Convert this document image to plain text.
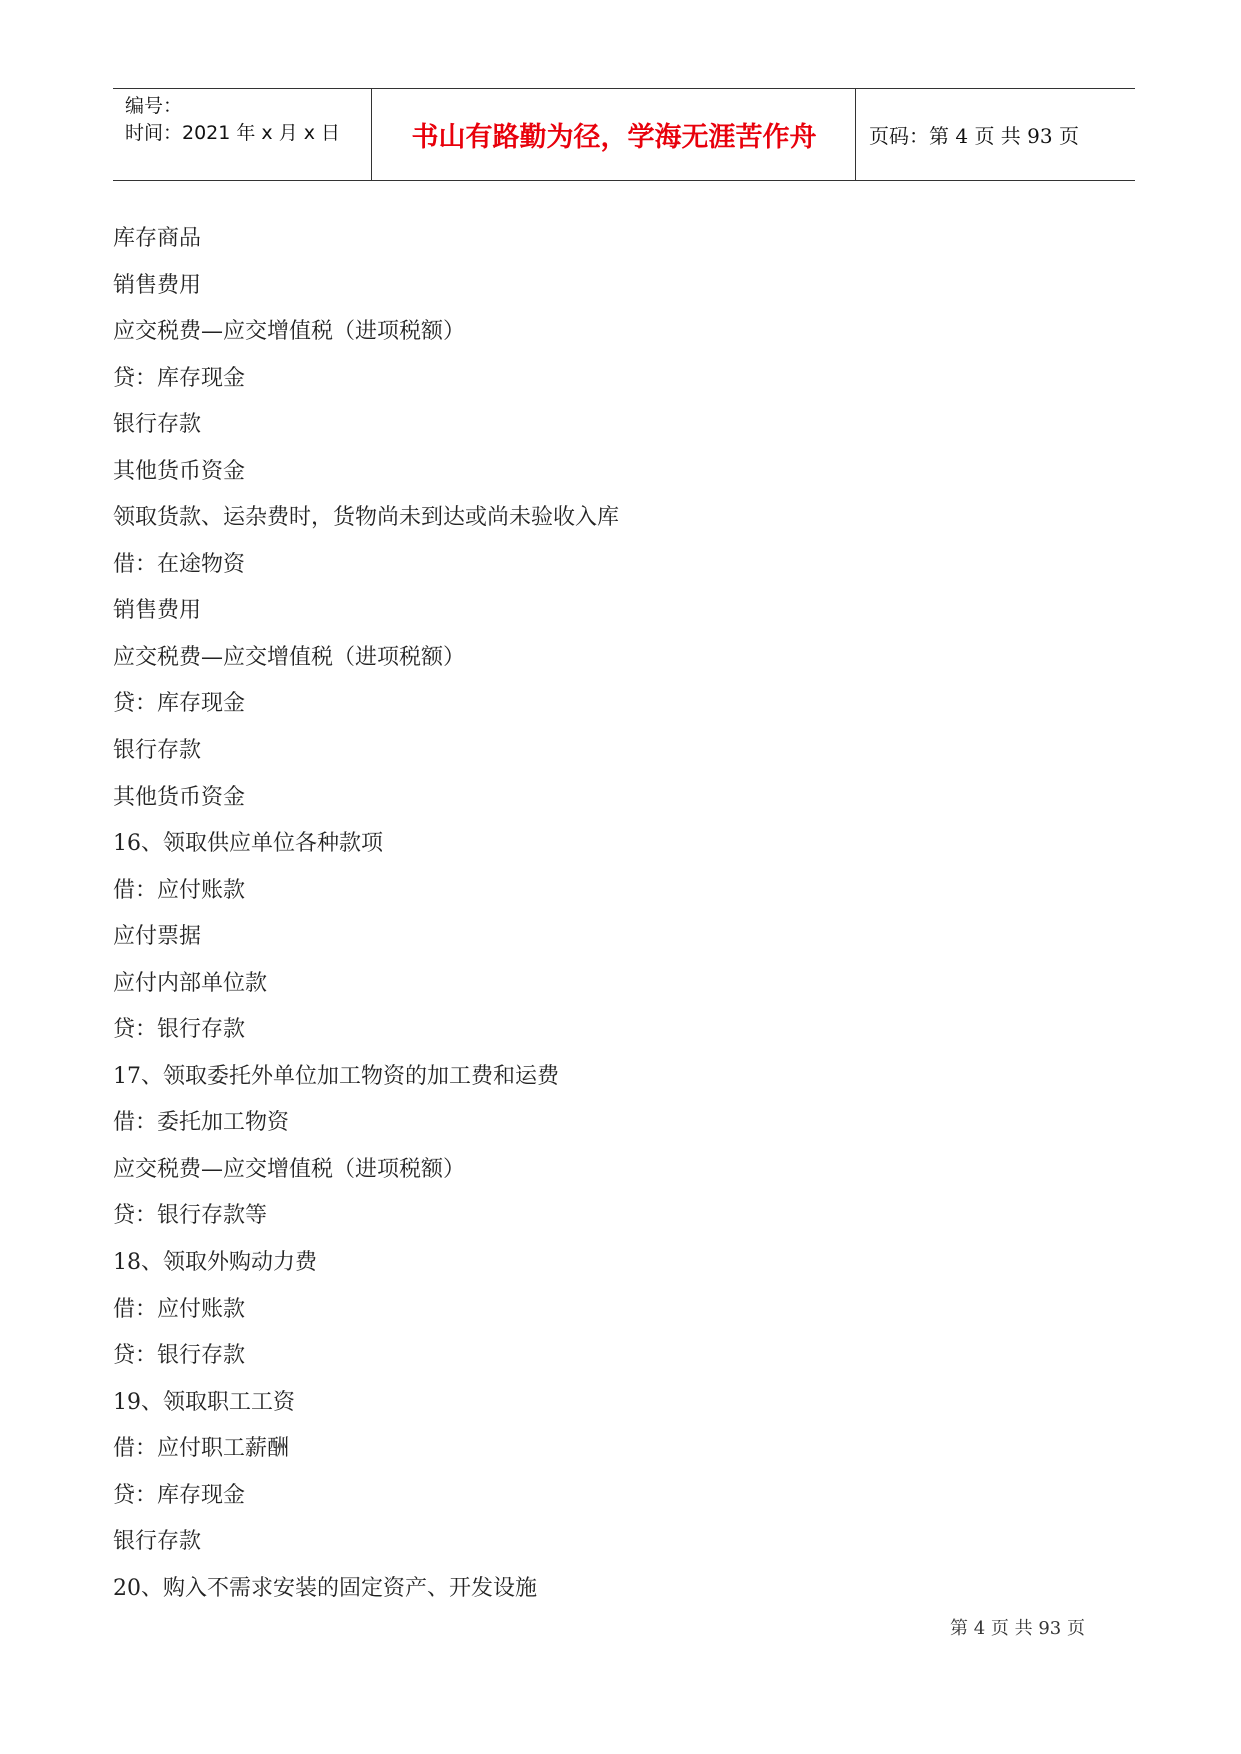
编号：
时间：2021 年 x 月 x 日	书山有路勤为径，学海无涯苦作舟	页码：第 4 页 共 93 页
库存商品
销售费用
应交税费—应交增值税（进项税额）
贷：库存现金
银行存款
其他货币资金
领取货款、运杂费时，货物尚未到达或尚未验收入库
借：在途物资
销售费用
应交税费—应交增值税（进项税额）
贷：库存现金
银行存款
其他货币资金
16、领取供应单位各种款项
借：应付账款
应付票据
应付内部单位款
贷：银行存款
17、领取委托外单位加工物资的加工费和运费
借：委托加工物资
应交税费—应交增值税（进项税额）
贷：银行存款等
18、领取外购动力费
借：应付账款
贷：银行存款
19、领取职工工资
借：应付职工薪酬
贷：库存现金
银行存款
20、购入不需求安装的固定资产、开发设施
第 4 页 共 93 页
